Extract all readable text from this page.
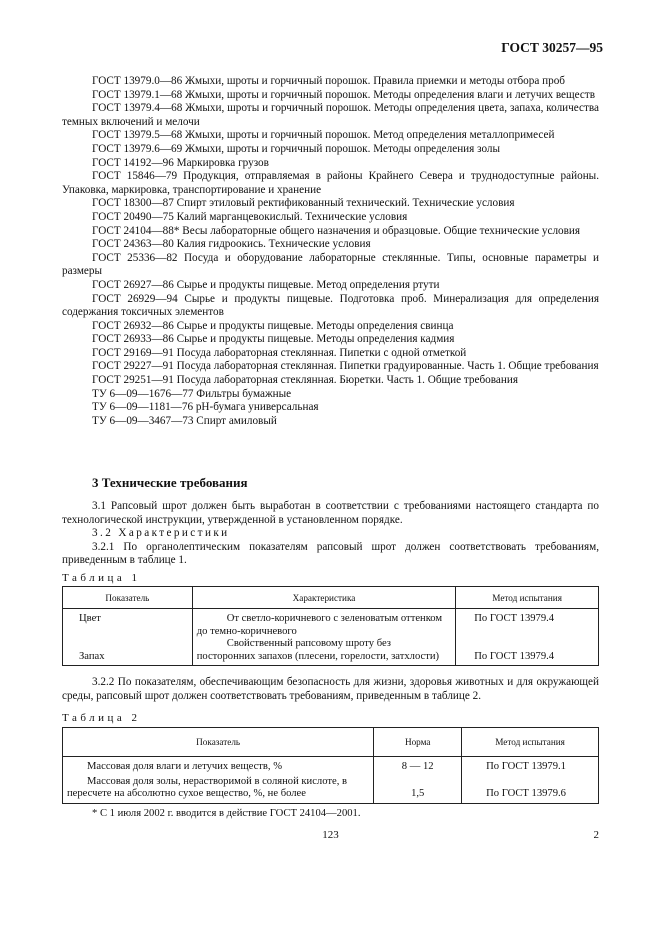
ГОСТ 30257—95

ГОСТ 13979.0—86 Жмыхи, шроты и горчичный порошок. Правила приемки и методы отбора проб

ГОСТ 13979.1—68 Жмыхи, шроты и горчичный порошок. Методы определения влаги и летучих веществ

ГОСТ 13979.4—68 Жмыхи, шроты и горчичный порошок. Методы определения цвета, запаха, количества темных включений и мелочи

ГОСТ 13979.5—68 Жмыхи, шроты и горчичный порошок. Метод определения металлопримесей

ГОСТ 13979.6—69 Жмыхи, шроты и горчичный порошок. Методы определения золы

ГОСТ 14192—96 Маркировка грузов

ГОСТ 15846—79 Продукция, отправляемая в районы Крайнего Севера и труднодоступные районы. Упаковка, маркировка, транспортирование и хранение

ГОСТ 18300—87 Спирт этиловый ректификованный технический. Технические условия

ГОСТ 20490—75 Калий марганцевокислый. Технические условия

ГОСТ 24104—88* Весы лабораторные общего назначения и образцовые. Общие технические условия

ГОСТ 24363—80 Калия гидроокись. Технические условия

ГОСТ 25336—82 Посуда и оборудование лабораторные стеклянные. Типы, основные параметры и размеры

ГОСТ 26927—86 Сырье и продукты пищевые. Метод определения ртути

ГОСТ 26929—94 Сырье и продукты пищевые. Подготовка проб. Минерализация для определения содержания токсичных элементов

ГОСТ 26932—86 Сырье и продукты пищевые. Методы определения свинца

ГОСТ 26933—86 Сырье и продукты пищевые. Методы определения кадмия

ГОСТ 29169—91 Посуда лабораторная стеклянная. Пипетки с одной отметкой

ГОСТ 29227—91 Посуда лабораторная стеклянная. Пипетки градуированные. Часть 1. Общие требования

ГОСТ 29251—91 Посуда лабораторная стеклянная. Бюретки. Часть 1. Общие требования

ТУ 6—09—1676—77 Фильтры бумажные

ТУ 6—09—1181—76 pH-бумага универсальная

ТУ 6—09—3467—73 Спирт амиловый

3 Технические требования

3.1 Рапсовый шрот должен быть выработан в соответствии с требованиями настоящего стандарта по технологической инструкции, утвержденной в установленном порядке.

3.2 Характеристики

3.2.1 По органолептическим показателям рапсовый шрот должен соответствовать требованиям, приведенным в таблице 1.

Таблица 1
Показатель	Характеристика	Метод испытания
Цвет	От светло-коричневого с зеленоватым оттенком до темно-коричневого	По ГОСТ 13979.4
Запах	Свойственный рапсовому шроту без посторонних запахов (плесени, горелости, затхлости)	По ГОСТ 13979.4

3.2.2 По показателям, обеспечивающим безопасность для жизни, здоровья животных и для окружающей среды, рапсовый шрот должен соответствовать требованиям, приведенным в таблице 2.

Таблица 2
Показатель	Норма	Метод испытания
Массовая доля влаги и летучих веществ, %	8 — 12	По ГОСТ 13979.1
Массовая доля золы, нерастворимой в соляной кислоте, в пересчете на абсолютно сухое вещество, %, не более	1,5	По ГОСТ 13979.6
* С 1 июля 2002 г. вводится в действие ГОСТ 24104—2001.
123	2
